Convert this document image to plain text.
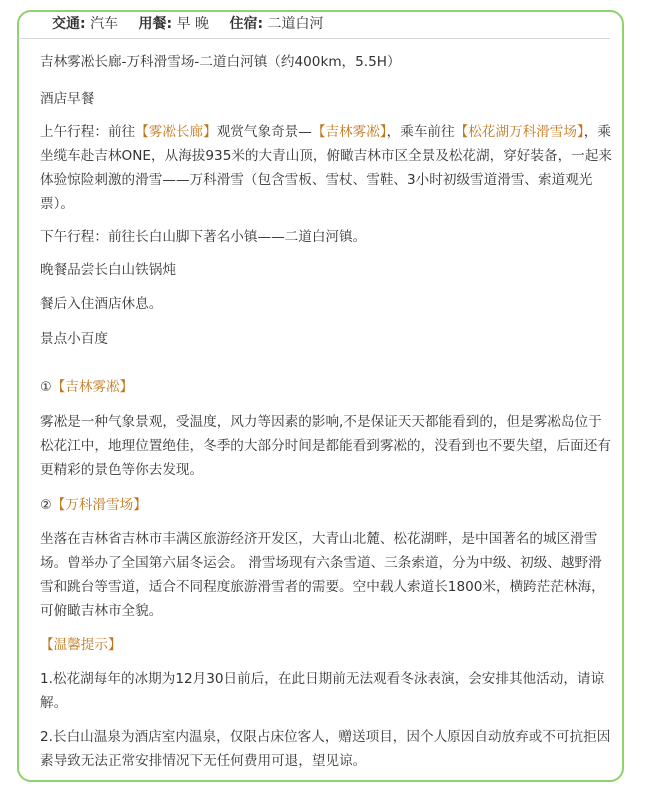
交通: 汽车 用餐: 早 晚 住宿: 二道白河

吉林雾凇长廊-万科滑雪场-二道白河镇（约400km，5.5H）

酒店早餐

上午行程：前往【雾凇长廊】观赏气象奇景—【吉林雾凇】，乘车前往【松花湖万科滑雪场】，乘坐缆车赴吉林ONE，从海拔935米的大青山顶，俯瞰吉林市区全景及松花湖，穿好装备，一起来体验惊险刺激的滑雪——万科滑雪（包含雪板、雪杖、雪鞋、3小时初级雪道滑雪、索道观光票）。

下午行程：前往长白山脚下著名小镇——二道白河镇。

晚餐品尝长白山铁锅炖

餐后入住酒店休息。

景点小百度

①【吉林雾凇】

雾凇是一种气象景观，受温度，风力等因素的影响,不是保证天天都能看到的，但是雾凇岛位于松花江中，地理位置绝佳，冬季的大部分时间是都能看到雾凇的，没看到也不要失望，后面还有更精彩的景色等你去发现。

②【万科滑雪场】

坐落在吉林省吉林市丰满区旅游经济开发区，大青山北麓、松花湖畔，是中国著名的城区滑雪场。曾举办了全国第六届冬运会。 滑雪场现有六条雪道、三条索道，分为中级、初级、越野滑雪和跳台等雪道，适合不同程度旅游滑雪者的需要。空中载人索道长1800米，横跨茫茫林海，可俯瞰吉林市全貌。

【温馨提示】

1.松花湖每年的冰期为12月30日前后，在此日期前无法观看冬泳表演，会安排其他活动，请谅解。

2.长白山温泉为酒店室内温泉，仅限占床位客人，赠送项目，因个人原因自动放弃或不可抗拒因素导致无法正常安排情况下无任何费用可退，望见谅。
